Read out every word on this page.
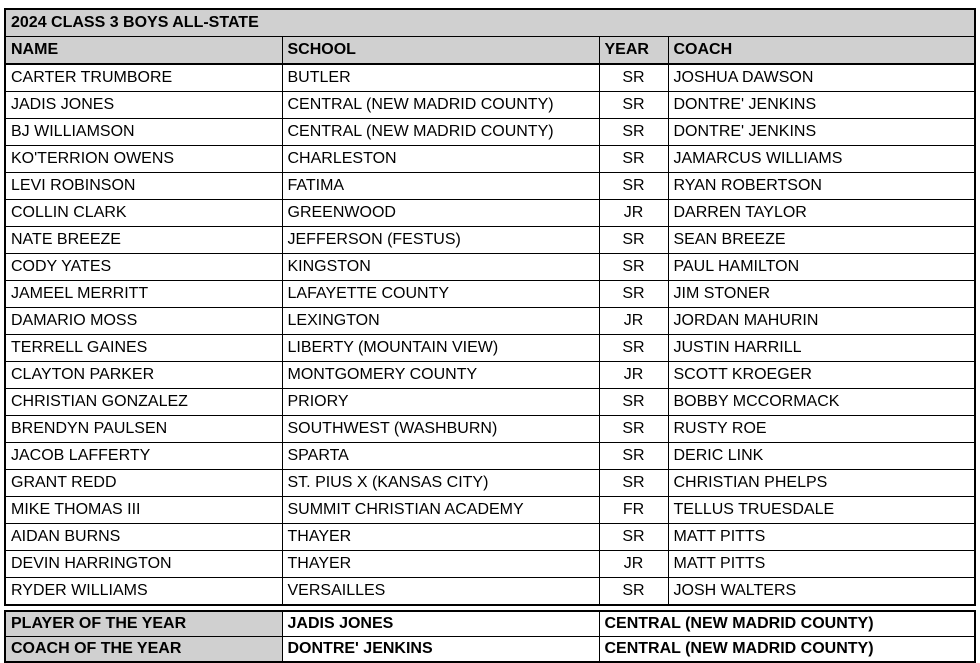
2024 CLASS 3 BOYS ALL-STATE			
NAME	SCHOOL	YEAR	COACH
CARTER TRUMBORE	BUTLER	SR	JOSHUA DAWSON
JADIS JONES	CENTRAL (NEW MADRID COUNTY)	SR	DONTRE' JENKINS
BJ WILLIAMSON	CENTRAL (NEW MADRID COUNTY)	SR	DONTRE' JENKINS
KO'TERRION OWENS	CHARLESTON	SR	JAMARCUS WILLIAMS
LEVI ROBINSON	FATIMA	SR	RYAN ROBERTSON
COLLIN CLARK	GREENWOOD	JR	DARREN TAYLOR
NATE BREEZE	JEFFERSON (FESTUS)	SR	SEAN BREEZE
CODY YATES	KINGSTON	SR	PAUL HAMILTON
JAMEEL MERRITT	LAFAYETTE COUNTY	SR	JIM STONER
DAMARIO MOSS	LEXINGTON	JR	JORDAN MAHURIN
TERRELL GAINES	LIBERTY (MOUNTAIN VIEW)	SR	JUSTIN HARRILL
CLAYTON PARKER	MONTGOMERY COUNTY	JR	SCOTT KROEGER
CHRISTIAN GONZALEZ	PRIORY	SR	BOBBY MCCORMACK
BRENDYN PAULSEN	SOUTHWEST (WASHBURN)	SR	RUSTY ROE
JACOB LAFFERTY	SPARTA	SR	DERIC LINK
GRANT REDD	ST. PIUS X (KANSAS CITY)	SR	CHRISTIAN PHELPS
MIKE THOMAS III	SUMMIT CHRISTIAN ACADEMY	FR	TELLUS TRUESDALE
AIDAN BURNS	THAYER	SR	MATT PITTS
DEVIN HARRINGTON	THAYER	JR	MATT PITTS
RYDER WILLIAMS	VERSAILLES	SR	JOSH WALTERS

PLAYER OF THE YEAR	JADIS JONES	CENTRAL (NEW MADRID COUNTY)	
COACH OF THE YEAR	DONTRE' JENKINS	CENTRAL (NEW MADRID COUNTY)	
